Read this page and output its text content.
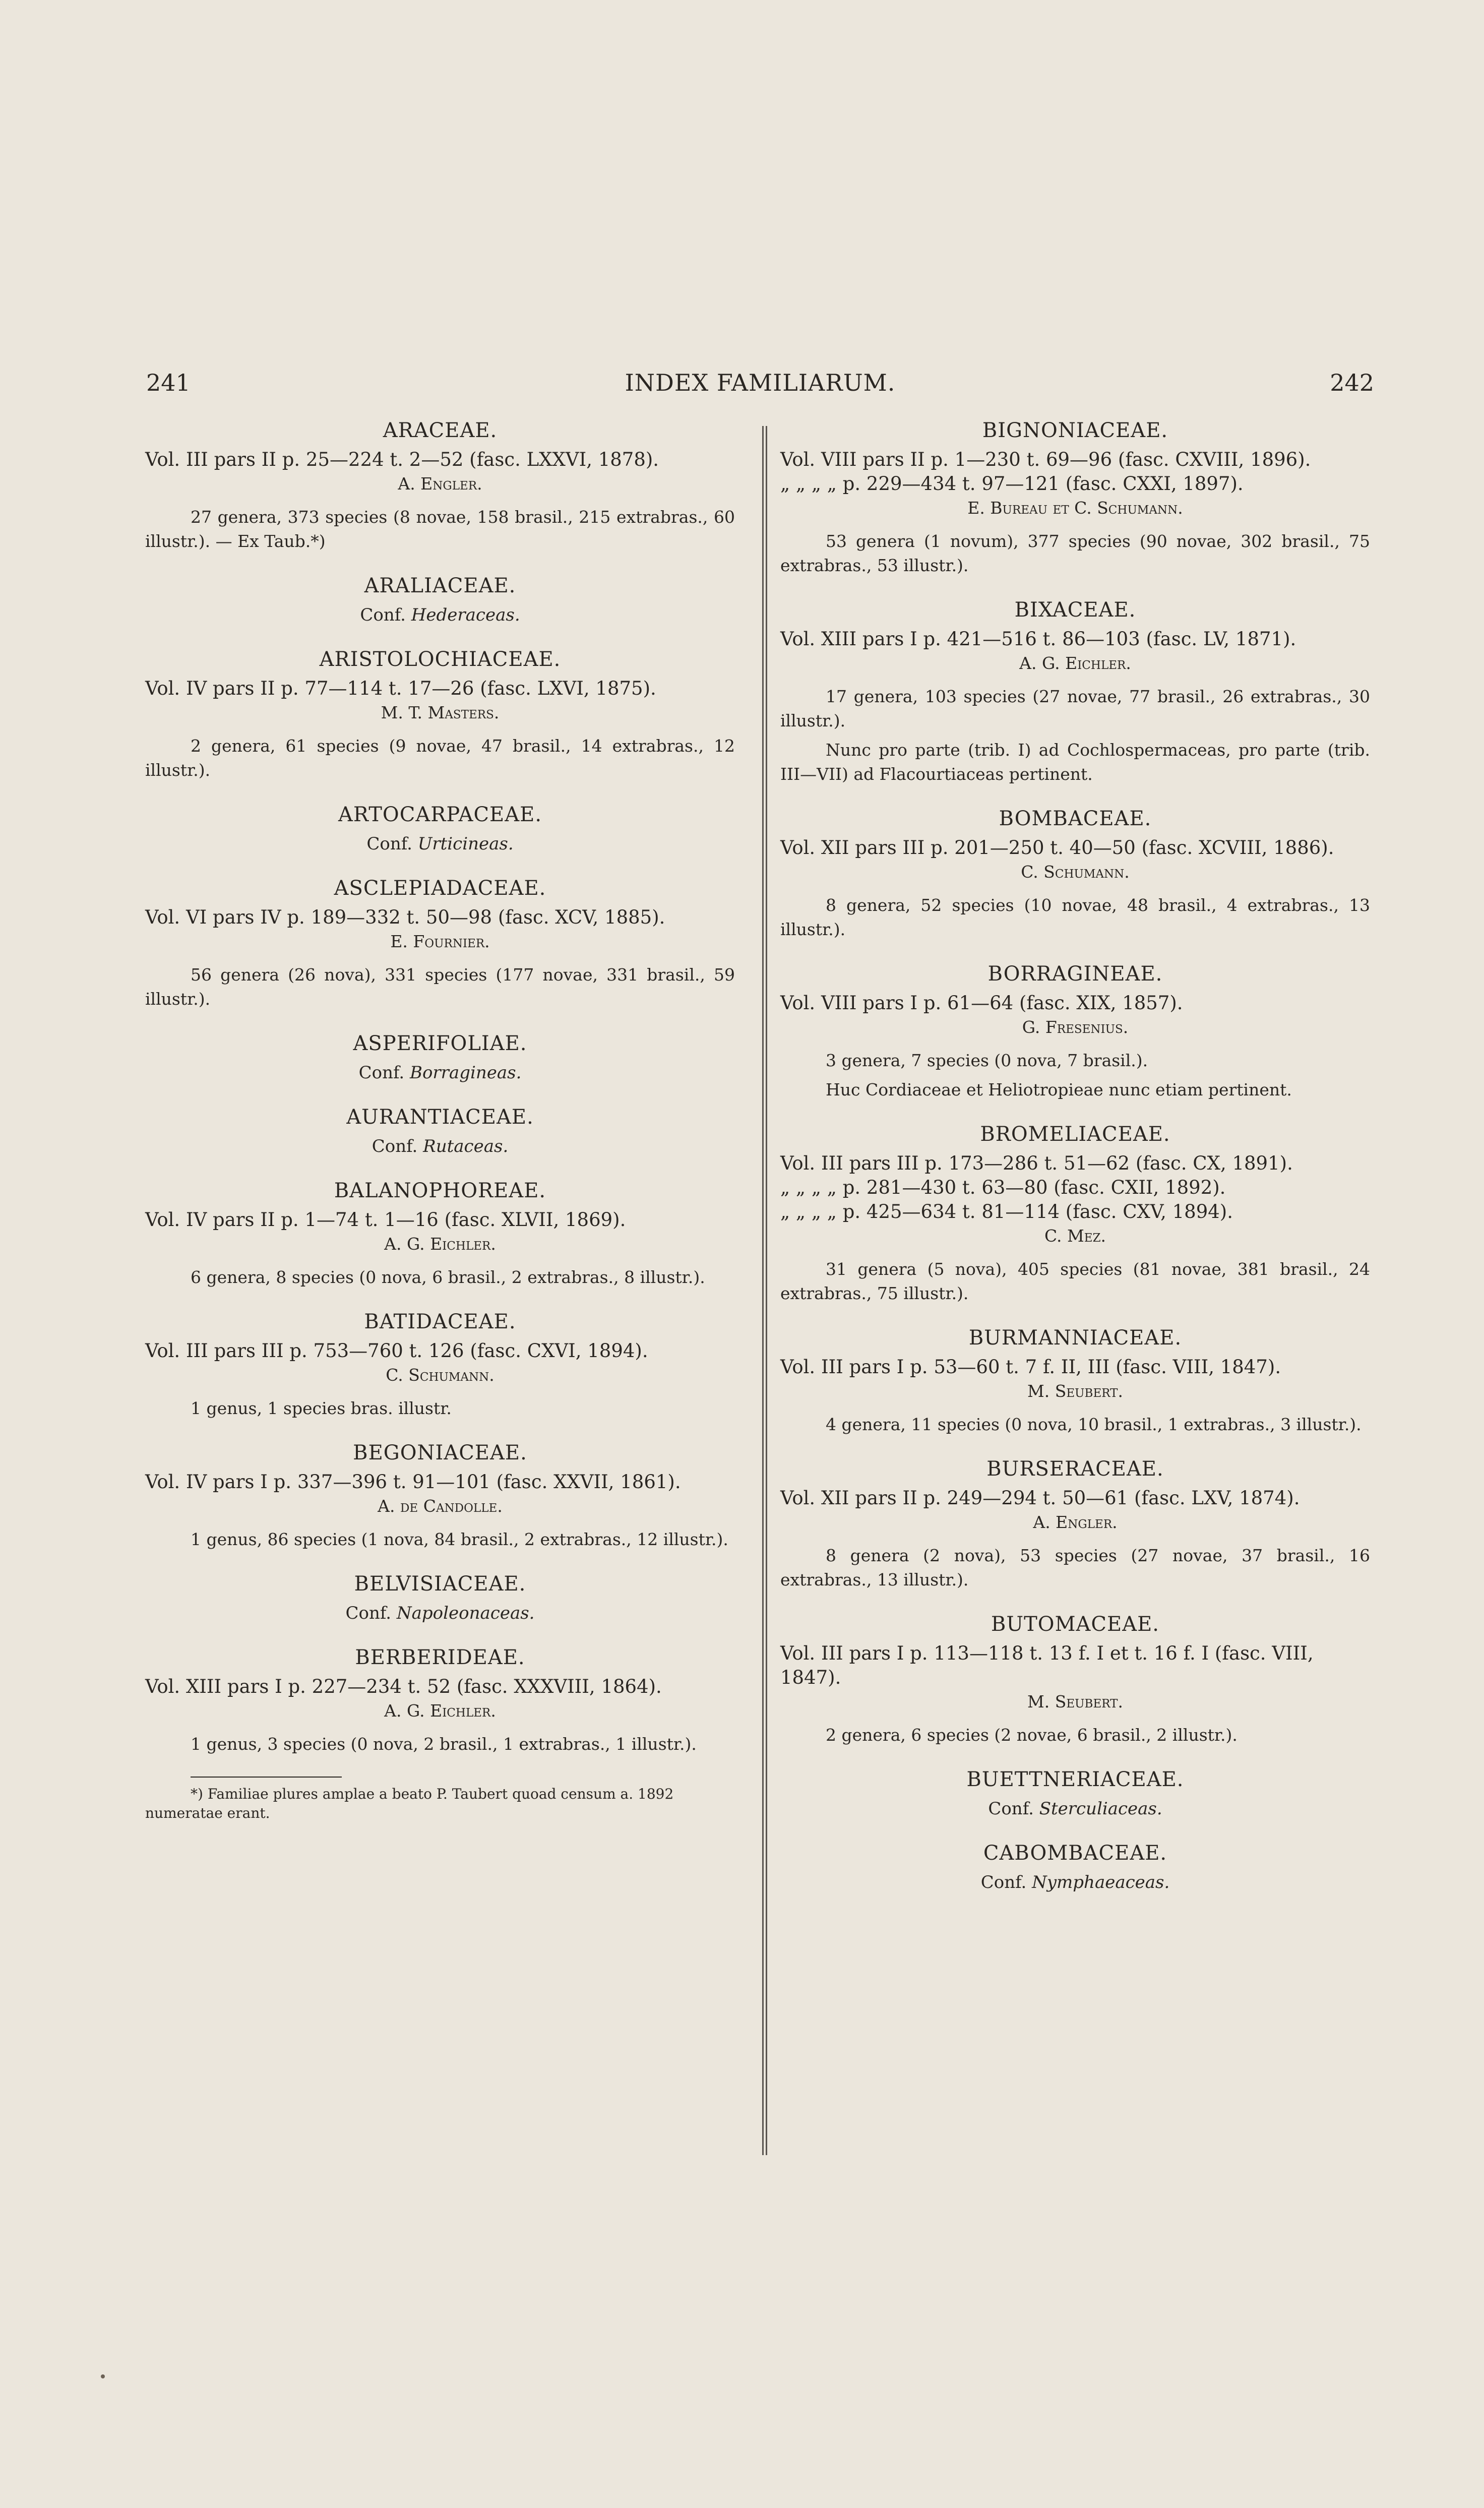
241	INDEX FAMILIARUM.	242
ARACEAE.
Vol. III pars II p. 25—224 t. 2—52 (fasc. LXXVI, 1878).
A. Engler.
27 genera, 373 species (8 novae, 158 brasil., 215 extrabras., 60 illustr.). — Ex Taub.*)
ARALIACEAE.
Conf. Hederaceas.
ARISTOLOCHIACEAE.
Vol. IV pars II p. 77—114 t. 17—26 (fasc. LXVI, 1875).
M. T. Masters.
2 genera, 61 species (9 novae, 47 brasil., 14 extrabras., 12 illustr.).
ARTOCARPACEAE.
Conf. Urticineas.
ASCLEPIADACEAE.
Vol. VI pars IV p. 189—332 t. 50—98 (fasc. XCV, 1885).
E. Fournier.
56 genera (26 nova), 331 species (177 novae, 331 brasil., 59 illustr.).
ASPERIFOLIAE.
Conf. Borragineas.
AURANTIACEAE.
Conf. Rutaceas.
BALANOPHOREAE.
Vol. IV pars II p. 1—74 t. 1—16 (fasc. XLVII, 1869).
A. G. Eichler.
6 genera, 8 species (0 nova, 6 brasil., 2 extrabras., 8 illustr.).
BATIDACEAE.
Vol. III pars III p. 753—760 t. 126 (fasc. CXVI, 1894).
C. Schumann.
1 genus, 1 species bras. illustr.
BEGONIACEAE.
Vol. IV pars I p. 337—396 t. 91—101 (fasc. XXVII, 1861).
A. de Candolle.
1 genus, 86 species (1 nova, 84 brasil., 2 extrabras., 12 illustr.).
BELVISIACEAE.
Conf. Napoleonaceas.
BERBERIDEAE.
Vol. XIII pars I p. 227—234 t. 52 (fasc. XXXVIII, 1864).
A. G. Eichler.
1 genus, 3 species (0 nova, 2 brasil., 1 extrabras., 1 illustr.).
*) Familiae plures amplae a beato P. Taubert quoad censum a. 1892 numeratae erant.
BIGNONIACEAE.
Vol. VIII pars II p. 1—230 t. 69—96 (fasc. CXVIII, 1896).
„ „ „ „ p. 229—434 t. 97—121 (fasc. CXXI, 1897).
E. Bureau et C. Schumann.
53 genera (1 novum), 377 species (90 novae, 302 brasil., 75 extrabras., 53 illustr.).
BIXACEAE.
Vol. XIII pars I p. 421—516 t. 86—103 (fasc. LV, 1871).
A. G. Eichler.
17 genera, 103 species (27 novae, 77 brasil., 26 extrabras., 30 illustr.).
Nunc pro parte (trib. I) ad Cochlospermaceas, pro parte (trib. III—VII) ad Flacourtiaceas pertinent.
BOMBACEAE.
Vol. XII pars III p. 201—250 t. 40—50 (fasc. XCVIII, 1886).
C. Schumann.
8 genera, 52 species (10 novae, 48 brasil., 4 extrabras., 13 illustr.).
BORRAGINEAE.
Vol. VIII pars I p. 61—64 (fasc. XIX, 1857).
G. Fresenius.
3 genera, 7 species (0 nova, 7 brasil.).
Huc Cordiaceae et Heliotropieae nunc etiam pertinent.
BROMELIACEAE.
Vol. III pars III p. 173—286 t. 51—62 (fasc. CX, 1891).
„ „ „ „ p. 281—430 t. 63—80 (fasc. CXII, 1892).
„ „ „ „ p. 425—634 t. 81—114 (fasc. CXV, 1894).
C. Mez.
31 genera (5 nova), 405 species (81 novae, 381 brasil., 24 extrabras., 75 illustr.).
BURMANNIACEAE.
Vol. III pars I p. 53—60 t. 7 f. II, III (fasc. VIII, 1847).
M. Seubert.
4 genera, 11 species (0 nova, 10 brasil., 1 extrabras., 3 illustr.).
BURSERACEAE.
Vol. XII pars II p. 249—294 t. 50—61 (fasc. LXV, 1874).
A. Engler.
8 genera (2 nova), 53 species (27 novae, 37 brasil., 16 extrabras., 13 illustr.).
BUTOMACEAE.
Vol. III pars I p. 113—118 t. 13 f. I et t. 16 f. I (fasc. VIII, 1847).
M. Seubert.
2 genera, 6 species (2 novae, 6 brasil., 2 illustr.).
BUETTNERIACEAE.
Conf. Sterculiaceas.
CABOMBACEAE.
Conf. Nymphaeaceas.
